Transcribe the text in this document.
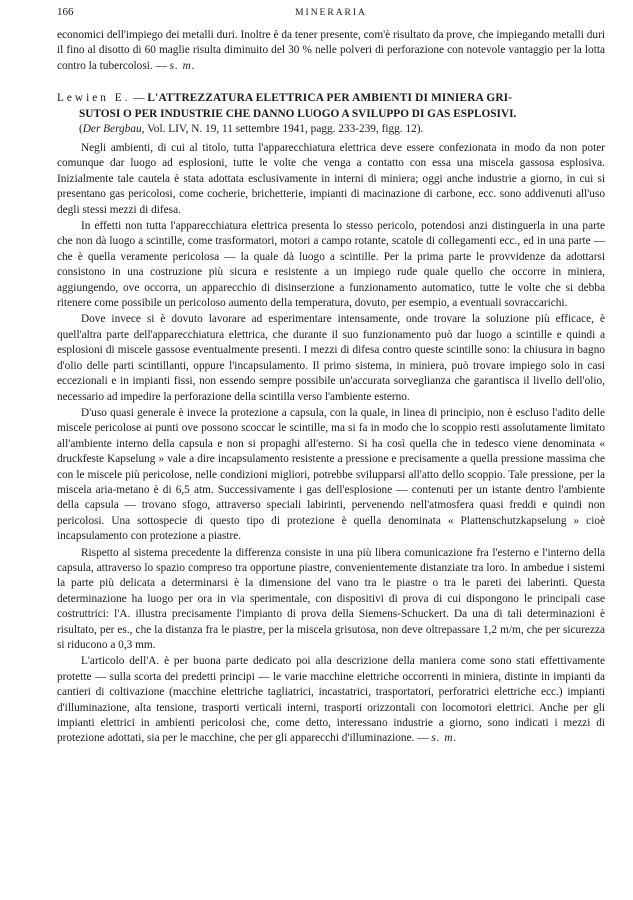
166	MINERARIA

economici dell'impiego dei metalli duri. Inoltre è da tener presente, com'è risultato da prove, che impiegando metalli duri il fino al disotto di 60 maglie risulta diminuito del 30 % nelle polveri di perforazione con notevole vantaggio per la lotta contro la tubercolosi. — s. m.

Lewien E. — L'ATTREZZATURA ELETTRICA PER AMBIENTI DI MINIERA GRI-
SUTOSI O PER INDUSTRIE CHE DANNO LUOGO A SVILUPPO DI GAS ESPLOSIVI.
(Der Bergbau, Vol. LIV, N. 19, 11 settembre 1941, pagg. 233-239, figg. 12).

Negli ambienti, di cui al titolo, tutta l'apparecchiatura elettrica deve essere confezionata in modo da non poter comunque dar luogo ad esplosioni, tutte le volte che venga a contatto con essa una miscela gassosa esplosiva. Inizialmente tale cautela è stata adottata esclusivamente in interni di miniera; oggi anche industrie a giorno, in cui si presentano gas pericolosi, come cocherie, brichetterie, impianti di macinazione di carbone, ecc. sono addivenuti all'uso degli stessi mezzi di difesa.

In effetti non tutta l'apparecchiatura elettrica presenta lo stesso pericolo, potendosi anzi distinguerla in una parte che non dà luogo a scintille, come trasformatori, motori a campo rotante, scatole di collegamenti ecc., ed in una parte — che è quella veramente pericolosa — la quale dà luogo a scintille. Per la prima parte le provvidenze da adottarsi consistono in una costruzione più sicura e resistente a un impiego rude quale quello che occorre in miniera, aggiungendo, ove occorra, un apparecchio di disinserzione a funzionamento automatico, tutte le volte che si debba ritenere come possibile un pericoloso aumento della temperatura, dovuto, per esempio, a eventuali sovraccarichi.

Dove invece si è dovuto lavorare ad esperimentare intensamente, onde trovare la soluzione più efficace, è quell'altra parte dell'apparecchiatura elettrica, che durante il suo funzionamento può dar luogo a scintille e quindi a esplosioni di miscele gassose eventualmente presenti. I mezzi di difesa contro queste scintille sono: la chiusura in bagno d'olio delle parti scintillanti, oppure l'incapsulamento. Il primo sistema, in miniera, può trovare impiego solo in casi eccezionali e in impianti fissi, non essendo sempre possibile un'accurata sorveglianza che garantisca il livello dell'olio, necessario ad impedire la perforazione della scintilla verso l'ambiente esterno.

D'uso quasi generale è invece la protezione a capsula, con la quale, in linea di principio, non è escluso l'adito delle miscele pericolose ai punti ove possono scoccar le scintille, ma si fa in modo che lo scoppio resti assolutamente limitato all'ambiente interno della capsula e non si propaghi all'esterno. Si ha così quella che in tedesco viene denominata « druckfeste Kapselung » vale a dire incapsulamento resistente a pressione e precisamente a quella pressione massima che con le miscele più pericolose, nelle condizioni migliori, potrebbe svilupparsi all'atto dello scoppio. Tale pressione, per la miscela aria-metano è di 6,5 atm. Successivamente i gas dell'esplosione — contenuti per un istante dentro l'ambiente della capsula — trovano sfogo, attraverso speciali labirinti, pervenendo nell'atmosfera quasi freddi e quindi non pericolosi. Una sottospecie di questo tipo di protezione è quella denominata « Plattenschutzkapselung » cioè incapsulamento con protezione a piastre.

Rispetto al sistema precedente la differenza consiste in una più libera comunicazione fra l'esterno e l'interno della capsula, attraverso lo spazio compreso tra opportune piastre, convenientemente distanziate tra loro. In ambedue i sistemi la parte più delicata a determinarsi è la dimensione del vano tra le piastre o tra le pareti dei laberinti. Questa determinazione ha luogo per ora in via sperimentale, con dispositivi di prova di cui dispongono le principali case costruttrici: l'A. illustra precisamente l'impianto di prova della Siemens-Schuckert. Da una di tali determinazioni è risultato, per es., che la distanza fra le piastre, per la miscela grisutosa, non deve oltrepassare 1,2 m/m, che per sicurezza si riducono a 0,3 mm.

L'articolo dell'A. è per buona parte dedicato poi alla descrizione della maniera come sono stati effettivamente protette — sulla scorta dei predetti principi — le varie macchine elettriche occorrenti in miniera, distinte in impianti da cantieri di coltivazione (macchine elettriche tagliatrici, incastatrici, trasportatori, perforatrici elettriche ecc.) impianti d'illuminazione, alta tensione, trasporti verticali interni, trasporti orizzontali con locomotori elettrici. Anche per gli impianti elettrici in ambienti pericolosi che, come detto, interessano industrie a giorno, sono indicati i mezzi di protezione adottati, sia per le macchine, che per gli apparecchi d'illuminazione. — s. m.
